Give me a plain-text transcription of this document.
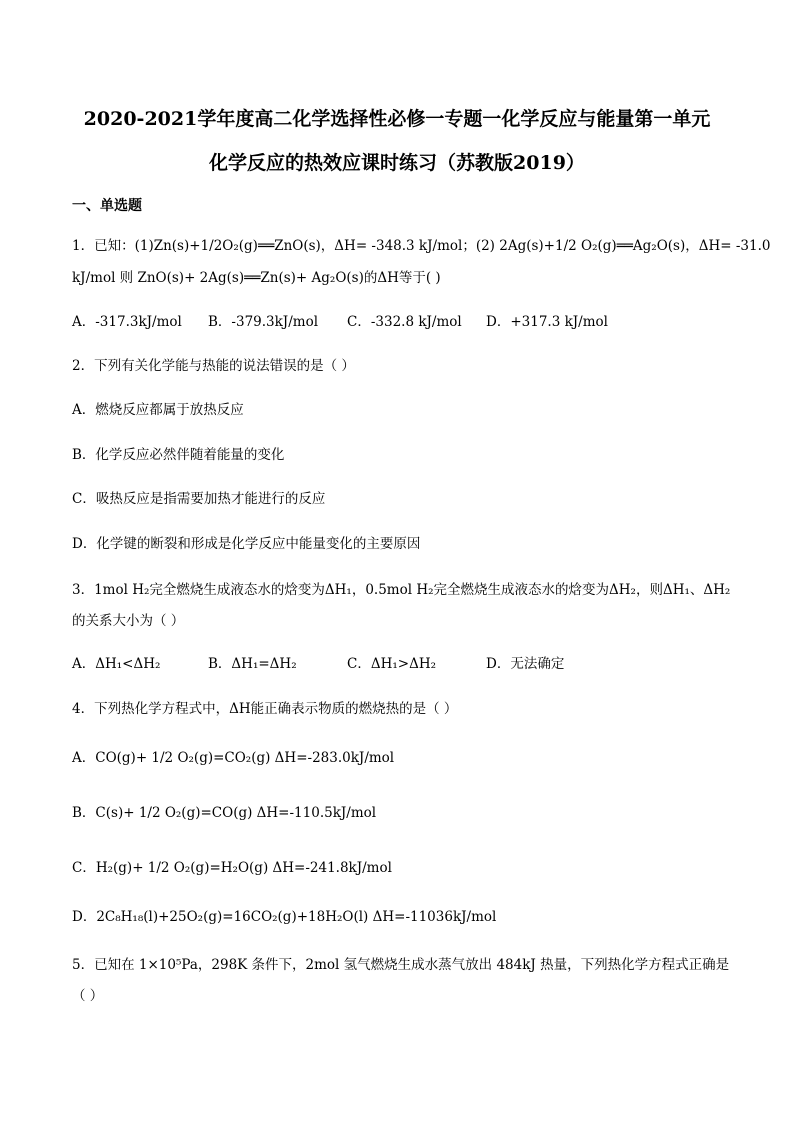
2020-2021学年度高二化学选择性必修一专题一化学反应与能量第一单元
化学反应的热效应课时练习（苏教版2019）
一、单选题
1．已知：(1)Zn(s)+1/2O₂(g)══ZnO(s)，ΔH= -348.3 kJ/mol；(2) 2Ag(s)+1/2 O₂(g)══Ag₂O(s)，ΔH= -31.0
kJ/mol 则 ZnO(s)+ 2Ag(s)══Zn(s)+ Ag₂O(s)的ΔH等于( )
A．-317.3kJ/mol B．-379.3kJ/mol C．-332.8 kJ/mol D．+317.3 kJ/mol
2．下列有关化学能与热能的说法错误的是（ ）
A．燃烧反应都属于放热反应
B．化学反应必然伴随着能量的变化
C．吸热反应是指需要加热才能进行的反应
D．化学键的断裂和形成是化学反应中能量变化的主要原因
3．1mol H₂完全燃烧生成液态水的焓变为ΔH₁，0.5mol H₂完全燃烧生成液态水的焓变为ΔH₂，则ΔH₁、ΔH₂
的关系大小为（ ）
A．ΔH₁<ΔH₂	B．ΔH₁=ΔH₂	C．ΔH₁>ΔH₂	D．无法确定
4．下列热化学方程式中，ΔH能正确表示物质的燃烧热的是（ ）
A．CO(g)+ 1/2 O₂(g)=CO₂(g) ΔH=-283.0kJ/mol
B．C(s)+ 1/2 O₂(g)=CO(g) ΔH=-110.5kJ/mol
C．H₂(g)+ 1/2 O₂(g)=H₂O(g) ΔH=-241.8kJ/mol
D．2C₈H₁₈(l)+25O₂(g)=16CO₂(g)+18H₂O(l) ΔH=-11036kJ/mol
5．已知在 1×10⁵Pa，298K 条件下，2mol 氢气燃烧生成水蒸气放出 484kJ 热量，下列热化学方程式正确是
（ ）
